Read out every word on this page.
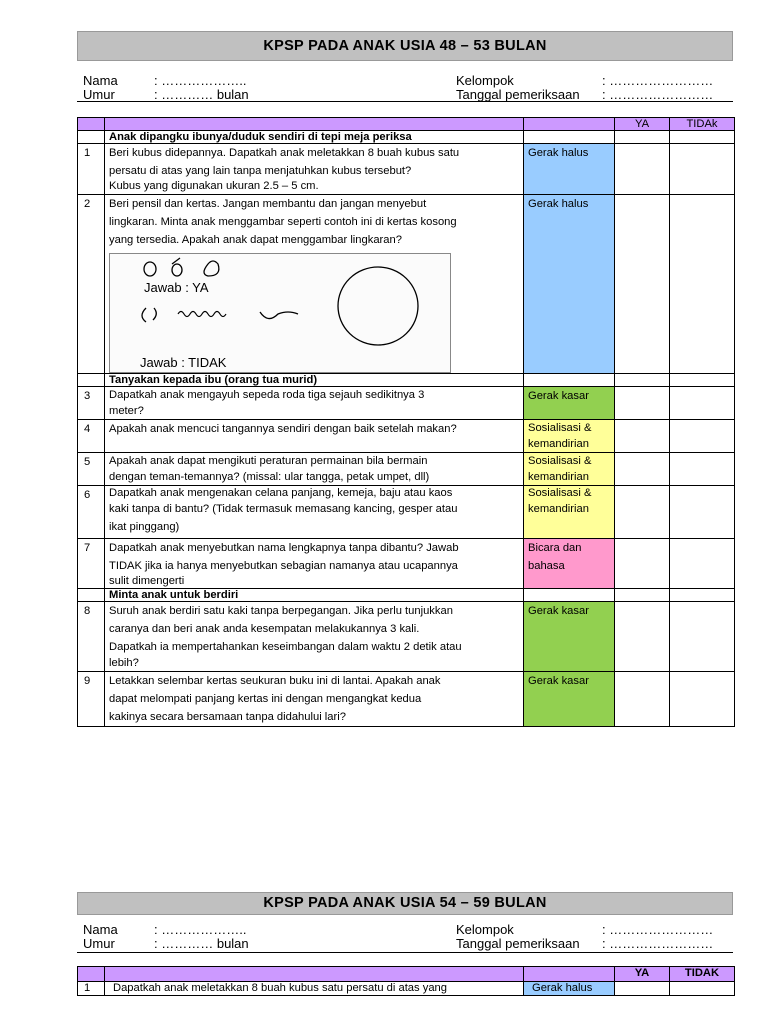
KPSP PADA ANAK USIA 48 – 53 BULAN
Nama	: ………………..
Umur	: ………… bulan
Kelompok	: ……………………
Tanggal pemeriksaan : ……………………
			YA	TIDAk
	Anak dipangku ibunya/duduk sendiri di tepi meja periksa			
1	Beri kubus didepannya. Dapatkah anak meletakkan 8 buah kubus satu
persatu di atas yang lain tanpa menjatuhkan kubus tersebut?
Kubus yang digunakan ukuran 2.5 – 5 cm.	Gerak halus		
2	Beri pensil dan kertas. Jangan membantu dan jangan menyebut
lingkaran. Minta anak menggambar seperti contoh ini di kertas kosong
yang tersedia. Apakah anak dapat menggambar lingkaran?
Jawab : YA
Jawab : TIDAK	Gerak halus		
	Tanyakan kepada ibu (orang tua murid)			
3	Dapatkah anak mengayuh sepeda roda tiga sejauh sedikitnya 3
meter?	Gerak kasar		
4	Apakah anak mencuci tangannya sendiri dengan baik setelah makan?	Sosialisasi &
kemandirian		

5	Apakah anak dapat mengikuti peraturan permainan bila bermain
dengan teman-temannya? (missal: ular tangga, petak umpet, dll)	Sosialisasi &
kemandirian		

6	Dapatkah anak mengenakan celana panjang, kemeja, baju atau kaos
kaki tanpa di bantu? (Tidak termasuk memasang kancing, gesper atau
ikat pinggang)	Sosialisasi &
kemandirian		

7	Dapatkah anak menyebutkan nama lengkapnya tanpa dibantu? Jawab
TIDAK jika ia hanya menyebutkan sebagian namanya atau ucapannya
sulit dimengerti	Bicara dan
bahasa		

	Minta anak untuk berdiri			
8	Suruh anak berdiri satu kaki tanpa berpegangan. Jika perlu tunjukkan
caranya dan beri anak anda kesempatan melakukannya 3 kali.
Dapatkah ia mempertahankan keseimbangan dalam waktu 2 detik atau
lebih?	Gerak kasar		
9	Letakkan selembar kertas seukuran buku ini di lantai. Apakah anak
dapat melompati panjang kertas ini dengan mengangkat kedua
kakinya secara bersamaan tanpa didahului lari?	Gerak kasar		
KPSP PADA ANAK USIA 54 – 59 BULAN
Nama	: ………………..
Umur	: ………… bulan
Kelompok	: ……………………
Tanggal pemeriksaan : ……………………
			YA	TIDAK
1	Dapatkah anak meletakkan 8 buah kubus satu persatu di atas yang	Gerak halus		
